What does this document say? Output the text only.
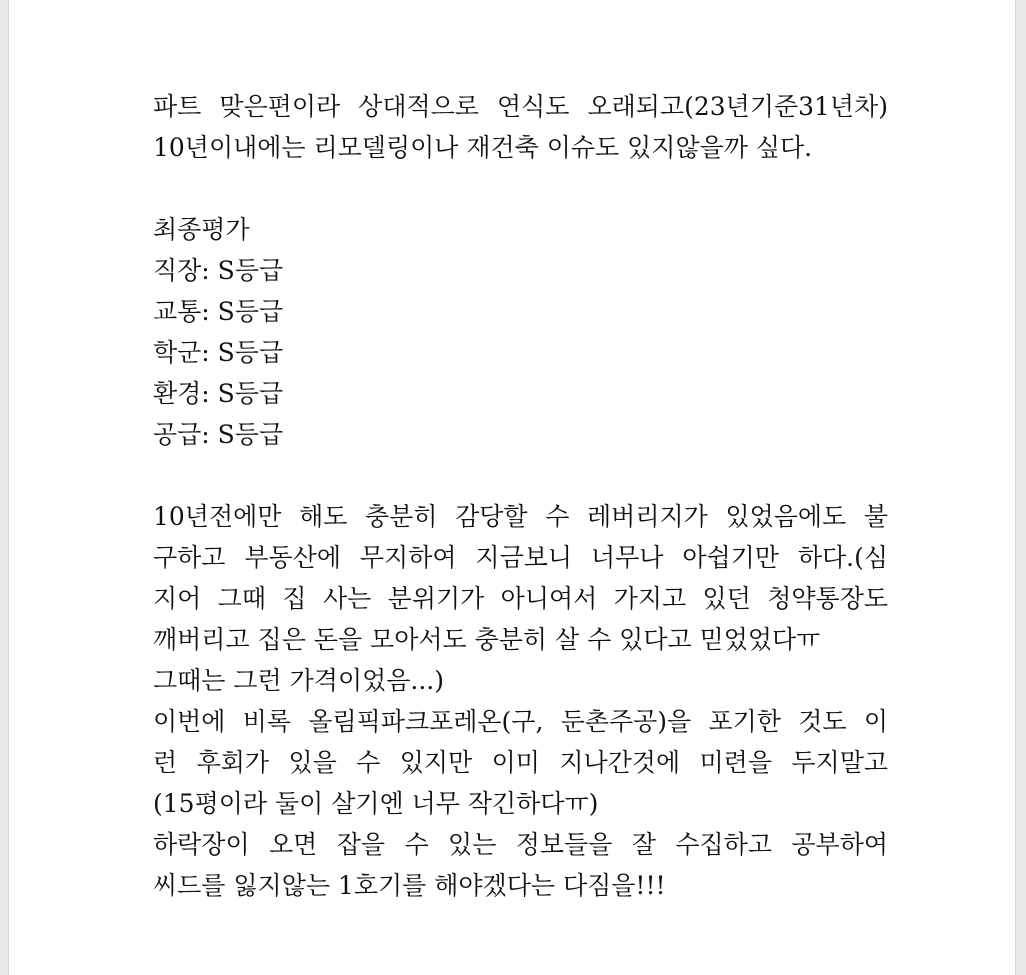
파트 맞은편이라 상대적으로 연식도 오래되고(23년기준31년차)
10년이내에는 리모델링이나 재건축 이슈도 있지않을까 싶다.
최종평가
직장: S등급
교통: S등급
학군: S등급
환경: S등급
공급: S등급
10년전에만 해도 충분히 감당할 수 레버리지가 있었음에도 불
구하고 부동산에 무지하여 지금보니 너무나 아쉽기만 하다.(심
지어 그때 집 사는 분위기가 아니여서 가지고 있던 청약통장도
깨버리고 집은 돈을 모아서도 충분히 살 수 있다고 믿었었다ㅠ
그때는 그런 가격이었음...)
이번에 비록 올림픽파크포레온(구, 둔촌주공)을 포기한 것도 이
런 후회가 있을 수 있지만 이미 지나간것에 미련을 두지말고
(15평이라 둘이 살기엔 너무 작긴하다ㅠ)
하락장이 오면 잡을 수 있는 정보들을 잘 수집하고 공부하여
씨드를 잃지않는 1호기를 해야겠다는 다짐을!!!
